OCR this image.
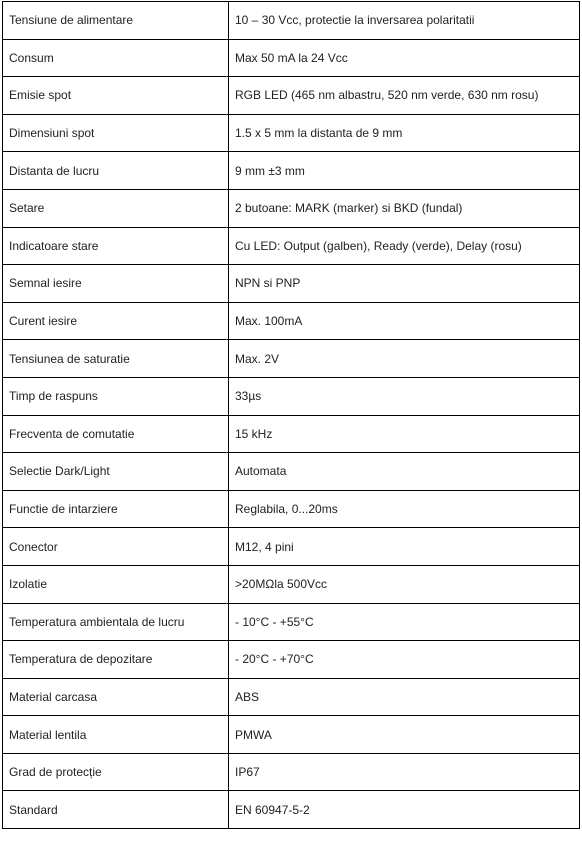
Tensiune de alimentare	10 – 30 Vcc, protectie la inversarea polaritatii
Consum	Max 50 mA la 24 Vcc
Emisie spot	RGB LED (465 nm albastru, 520 nm verde, 630 nm rosu)
Dimensiuni spot	1.5 x 5 mm la distanta de 9 mm
Distanta de lucru	9 mm ±3 mm
Setare	2 butoane: MARK (marker) si BKD (fundal)
Indicatoare stare	Cu LED: Output (galben), Ready (verde), Delay (rosu)
Semnal iesire	NPN si PNP
Curent iesire	Max. 100mA
Tensiunea de saturatie	Max. 2V
Timp de raspuns	33µs
Frecventa de comutatie	15 kHz
Selectie Dark/Light	Automata
Functie de intarziere	Reglabila, 0...20ms
Conector	M12, 4 pini
Izolatie	>20MΩla 500Vcc
Temperatura ambientala de lucru	- 10°C - +55°C
Temperatura de depozitare	- 20°C - +70°C
Material carcasa	ABS
Material lentila	PMWA
Grad de protecție	IP67
Standard	EN 60947-5-2
